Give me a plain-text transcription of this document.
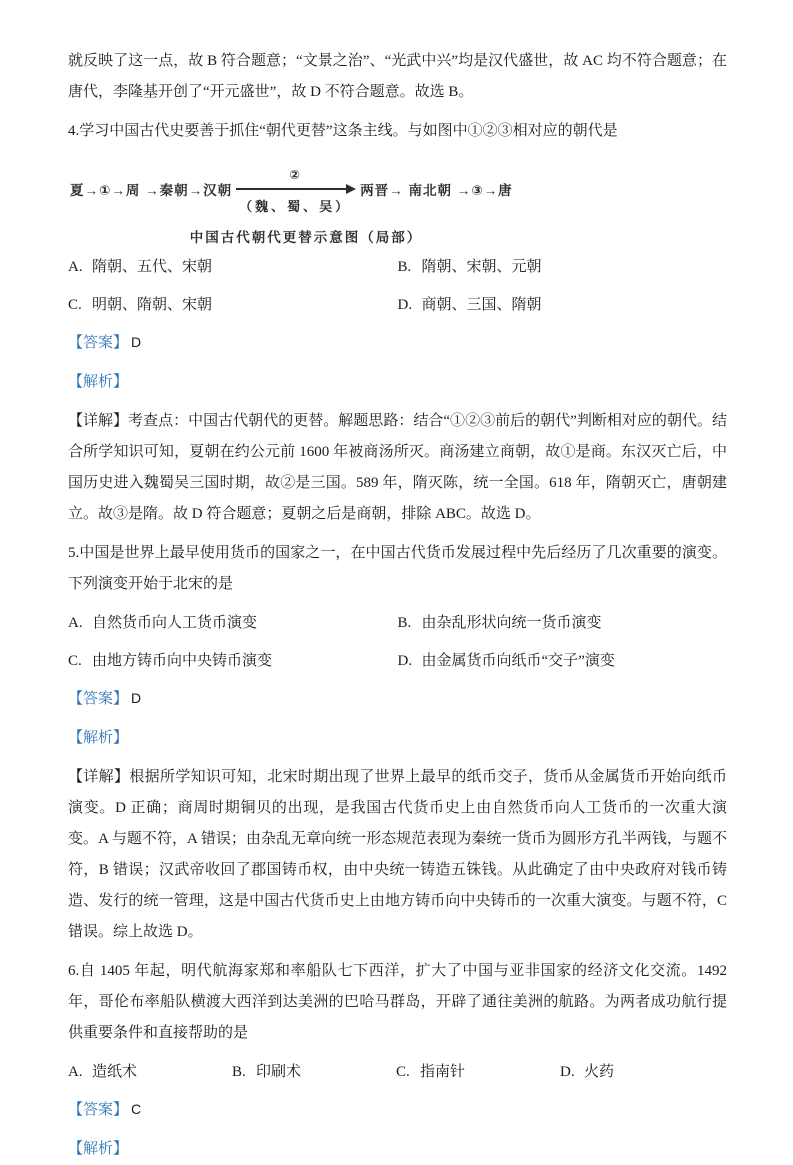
就反映了这一点，故 B 符合题意；“文景之治”、“光武中兴”均是汉代盛世，故 AC 均不符合题意；在唐代，李隆基开创了“开元盛世”，故 D 不符合题意。故选 B。

4.学习中国古代史要善于抓住“朝代更替”这条主线。与如图中①②③相对应的朝代是

夏→①→周 →秦朝→汉朝
②
（魏、蜀、吴）
两晋→ 南北朝 →③→唐
中国古代朝代更替示意图（局部）
A. 隋朝、五代、宋朝	B. 隋朝、宋朝、元朝
C. 明朝、隋朝、宋朝	D. 商朝、三国、隋朝

【答案】 D

【解析】

【详解】考查点：中国古代朝代的更替。解题思路：结合“①②③前后的朝代”判断相对应的朝代。结合所学知识可知，夏朝在约公元前 1600 年被商汤所灭。商汤建立商朝，故①是商。东汉灭亡后，中国历史进入魏蜀吴三国时期，故②是三国。589 年，隋灭陈，统一全国。618 年，隋朝灭亡，唐朝建立。故③是隋。故 D 符合题意；夏朝之后是商朝，排除 ABC。故选 D。

5.中国是世界上最早使用货币的国家之一，在中国古代货币发展过程中先后经历了几次重要的演变。下列演变开始于北宋的是

A. 自然货币向人工货币演变	B. 由杂乱形状向统一货币演变
C. 由地方铸币向中央铸币演变	D. 由金属货币向纸币“交子”演变

【答案】 D

【解析】

【详解】根据所学知识可知，北宋时期出现了世界上最早的纸币交子，货币从金属货币开始向纸币演变。D 正确；商周时期铜贝的出现，是我国古代货币史上由自然货币向人工货币的一次重大演变。A 与题不符，A 错误；由杂乱无章向统一形态规范表现为秦统一货币为圆形方孔半两钱，与题不符，B 错误；汉武帝收回了郡国铸币权，由中央统一铸造五铢钱。从此确定了由中央政府对钱币铸造、发行的统一管理，这是中国古代货币史上由地方铸币向中央铸币的一次重大演变。与题不符，C 错误。综上故选 D。

6.自 1405 年起，明代航海家郑和率船队七下西洋，扩大了中国与亚非国家的经济文化交流。1492 年，哥伦布率船队横渡大西洋到达美洲的巴哈马群岛，开辟了通往美洲的航路。为两者成功航行提供重要条件和直接帮助的是

A. 造纸术	B. 印刷术	C. 指南针	D. 火药

【答案】 C

【解析】
